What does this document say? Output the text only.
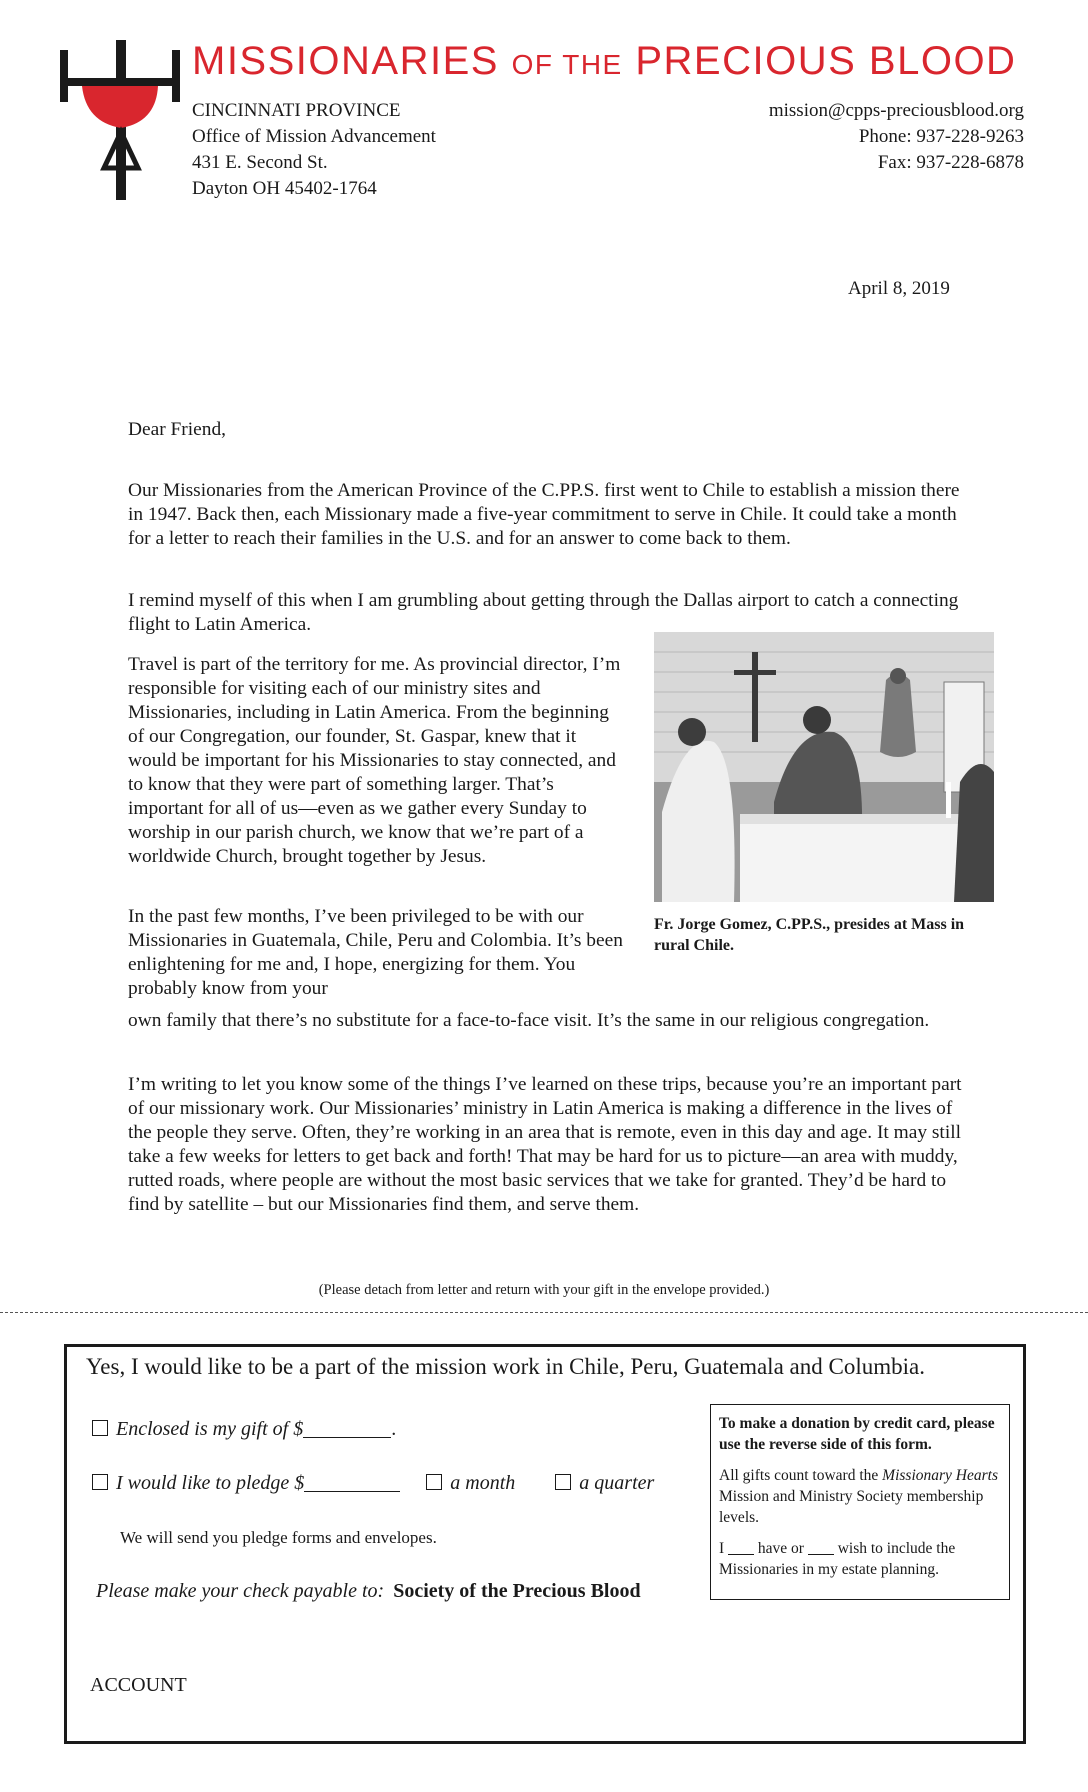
MISSIONARIES OF THE PRECIOUS BLOOD
CINCINNATI PROVINCE
Office of Mission Advancement
431 E. Second St.
Dayton OH 45402-1764
mission@cpps-preciousblood.org
Phone: 937-228-9263
Fax: 937-228-6878
April 8, 2019
Dear Friend,

Our Missionaries from the American Province of the C.PP.S. first went to Chile to establish a mission there in 1947. Back then, each Missionary made a five-year commitment to serve in Chile. It could take a month for a letter to reach their families in the U.S. and for an answer to come back to them.

I remind myself of this when I am grumbling about getting through the Dallas airport to catch a connecting flight to Latin America.

Travel is part of the territory for me. As provincial director, I’m responsible for visiting each of our ministry sites and Missionaries, including in Latin America. From the beginning of our Congregation, our founder, St. Gaspar, knew that it would be important for his Missionaries to stay connected, and to know that they were part of something larger. That’s important for all of us—even as we gather every Sunday to worship in our parish church, we know that we’re part of a worldwide Church, brought together by Jesus.

In the past few months, I’ve been privileged to be with our Missionaries in Guatemala, Chile, Peru and Colombia. It’s been enlightening for me and, I hope, energizing for them. You probably know from your

own family that there’s no substitute for a face-to-face visit. It’s the same in our religious congregation.

I’m writing to let you know some of the things I’ve learned on these trips, because you’re an important part of our missionary work. Our Missionaries’ ministry in Latin America is making a difference in the lives of the people they serve. Often, they’re working in an area that is remote, even in this day and age. It may still take a few weeks for letters to get back and forth! That may be hard for us to picture—an area with muddy, rutted roads, where people are without the most basic services that we take for granted. They’d be hard to find by satellite – but our Missionaries find them, and serve them.

Fr. Jorge Gomez, C.PP.S., presides at Mass in rural Chile.
(Please detach from letter and return with your gift in the envelope provided.)
Yes, I would like to be a part of the mission work in Chile, Peru, Guatemala and Columbia.
Enclosed is my gift of $	.
I would like to pledge $	a month	a quarter
We will send you pledge forms and envelopes.
Please make your check payable to: Society of the Precious Blood
ACCOUNT

To make a donation by credit card, please use the reverse side of this form.

All gifts count toward the Missionary Hearts Mission and Ministry Society membership levels.

I have or wish to include the Missionaries in my estate planning.
